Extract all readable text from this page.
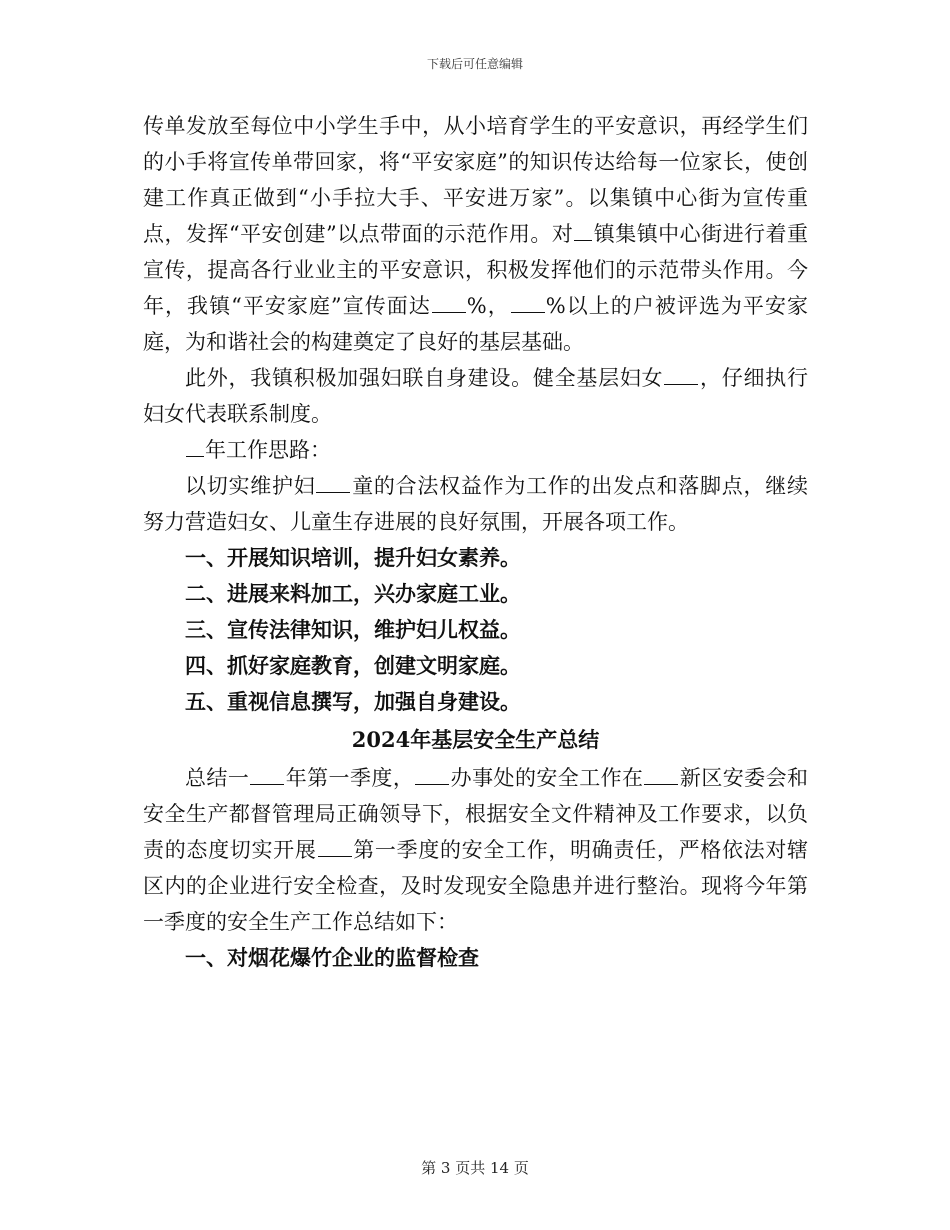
下载后可任意编辑

传单发放至每位中小学生手中，从小培育学生的平安意识，再经学生们的小手将宣传单带回家，将“平安家庭”的知识传达给每一位家长，使创建工作真正做到“小手拉大手、平安进万家”。以集镇中心街为宣传重点，发挥“平安创建”以点带面的示范作用。对 镇集镇中心街进行着重宣传，提高各行业业主的平安意识，积极发挥他们的示范带头作用。今年，我镇“平安家庭”宣传面达 %， %以上的户被评选为平安家庭，为和谐社会的构建奠定了良好的基层基础。

此外，我镇积极加强妇联自身建设。健全基层妇女 ，仔细执行妇女代表联系制度。

年工作思路：

以切实维护妇 童的合法权益作为工作的出发点和落脚点，继续努力营造妇女、儿童生存进展的良好氛围，开展各项工作。

一、开展知识培训，提升妇女素养。

二、进展来料加工，兴办家庭工业。

三、宣传法律知识，维护妇儿权益。

四、抓好家庭教育，创建文明家庭。

五、重视信息撰写，加强自身建设。

2024年基层安全生产总结

总结一 年第一季度， 办事处的安全工作在 新区安委会和安全生产都督管理局正确领导下，根据安全文件精神及工作要求，以负责的态度切实开展 第一季度的安全工作，明确责任，严格依法对辖区内的企业进行安全检查，及时发现安全隐患并进行整治。现将今年第一季度的安全生产工作总结如下：

一、对烟花爆竹企业的监督检查

第 3 页共 14 页
